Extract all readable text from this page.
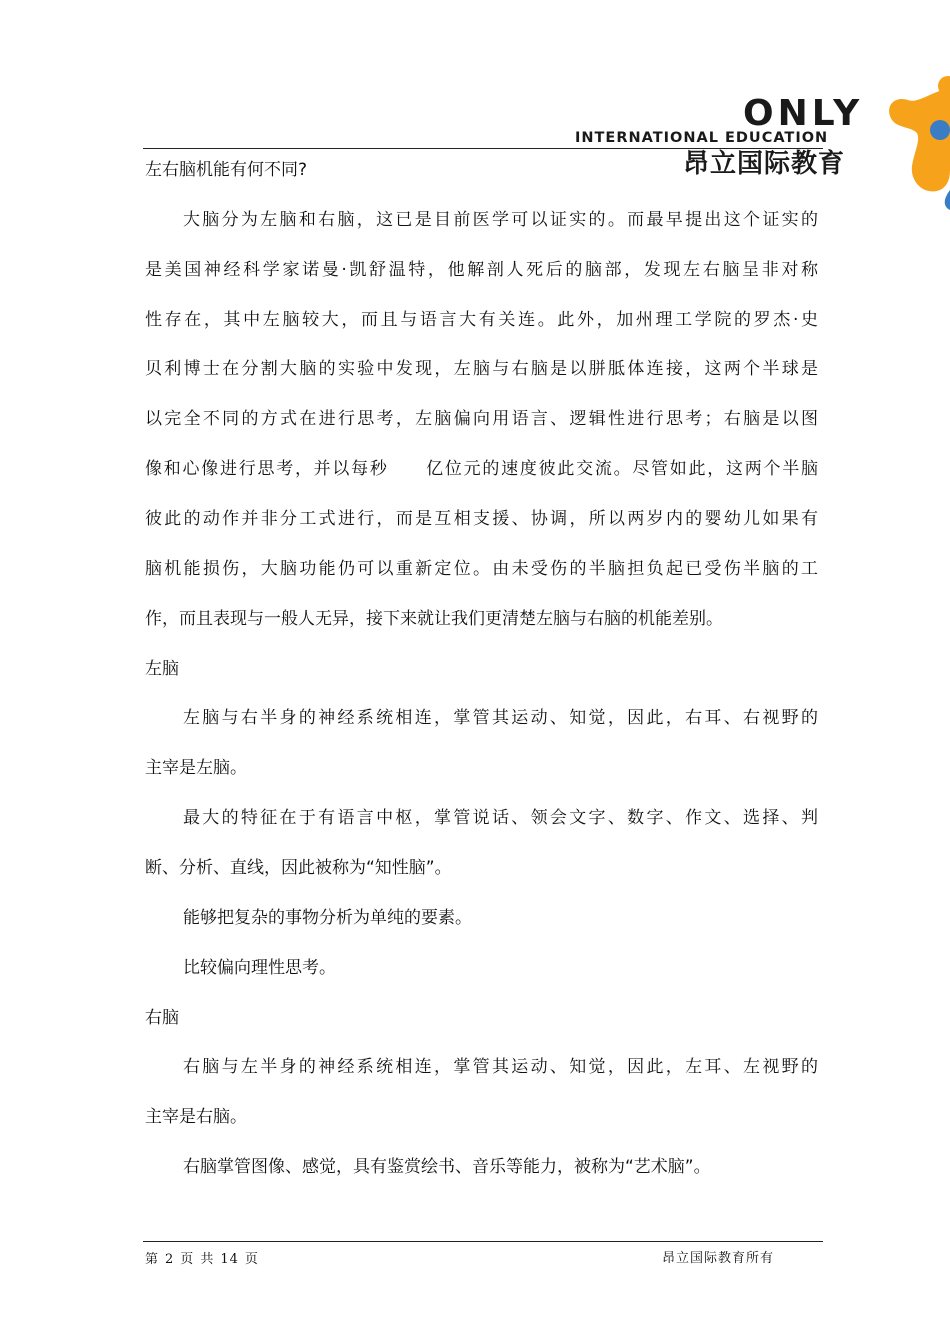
ONLY
INTERNATIONAL EDUCATION
昂立国际教育
左右脑机能有何不同?
大脑分为左脑和右脑，这已是目前医学可以证实的。而最早提出这个证实的
是美国神经科学家诺曼·凯舒温特，他解剖人死后的脑部，发现左右脑呈非对称
性存在，其中左脑较大，而且与语言大有关连。此外，加州理工学院的罗杰·史
贝利博士在分割大脑的实验中发现，左脑与右脑是以胼胝体连接，这两个半球是
以完全不同的方式在进行思考，左脑偏向用语言、逻辑性进行思考；右脑是以图
像和心像进行思考，并以每秒　　亿位元的速度彼此交流。尽管如此，这两个半脑
彼此的动作并非分工式进行，而是互相支援、协调，所以两岁内的婴幼儿如果有
脑机能损伤，大脑功能仍可以重新定位。由未受伤的半脑担负起已受伤半脑的工
作，而且表现与一般人无异，接下来就让我们更清楚左脑与右脑的机能差别。
左脑
左脑与右半身的神经系统相连，掌管其运动、知觉，因此，右耳、右视野的
主宰是左脑。
最大的特征在于有语言中枢，掌管说话、领会文字、数字、作文、选择、判
断、分析、直线，因此被称为“知性脑”。
能够把复杂的事物分析为单纯的要素。
比较偏向理性思考。
右脑
右脑与左半身的神经系统相连，掌管其运动、知觉，因此，左耳、左视野的
主宰是右脑。
右脑掌管图像、感觉，具有鉴赏绘书、音乐等能力，被称为“艺术脑”。
第 2 页 共 14 页	昂立国际教育所有
